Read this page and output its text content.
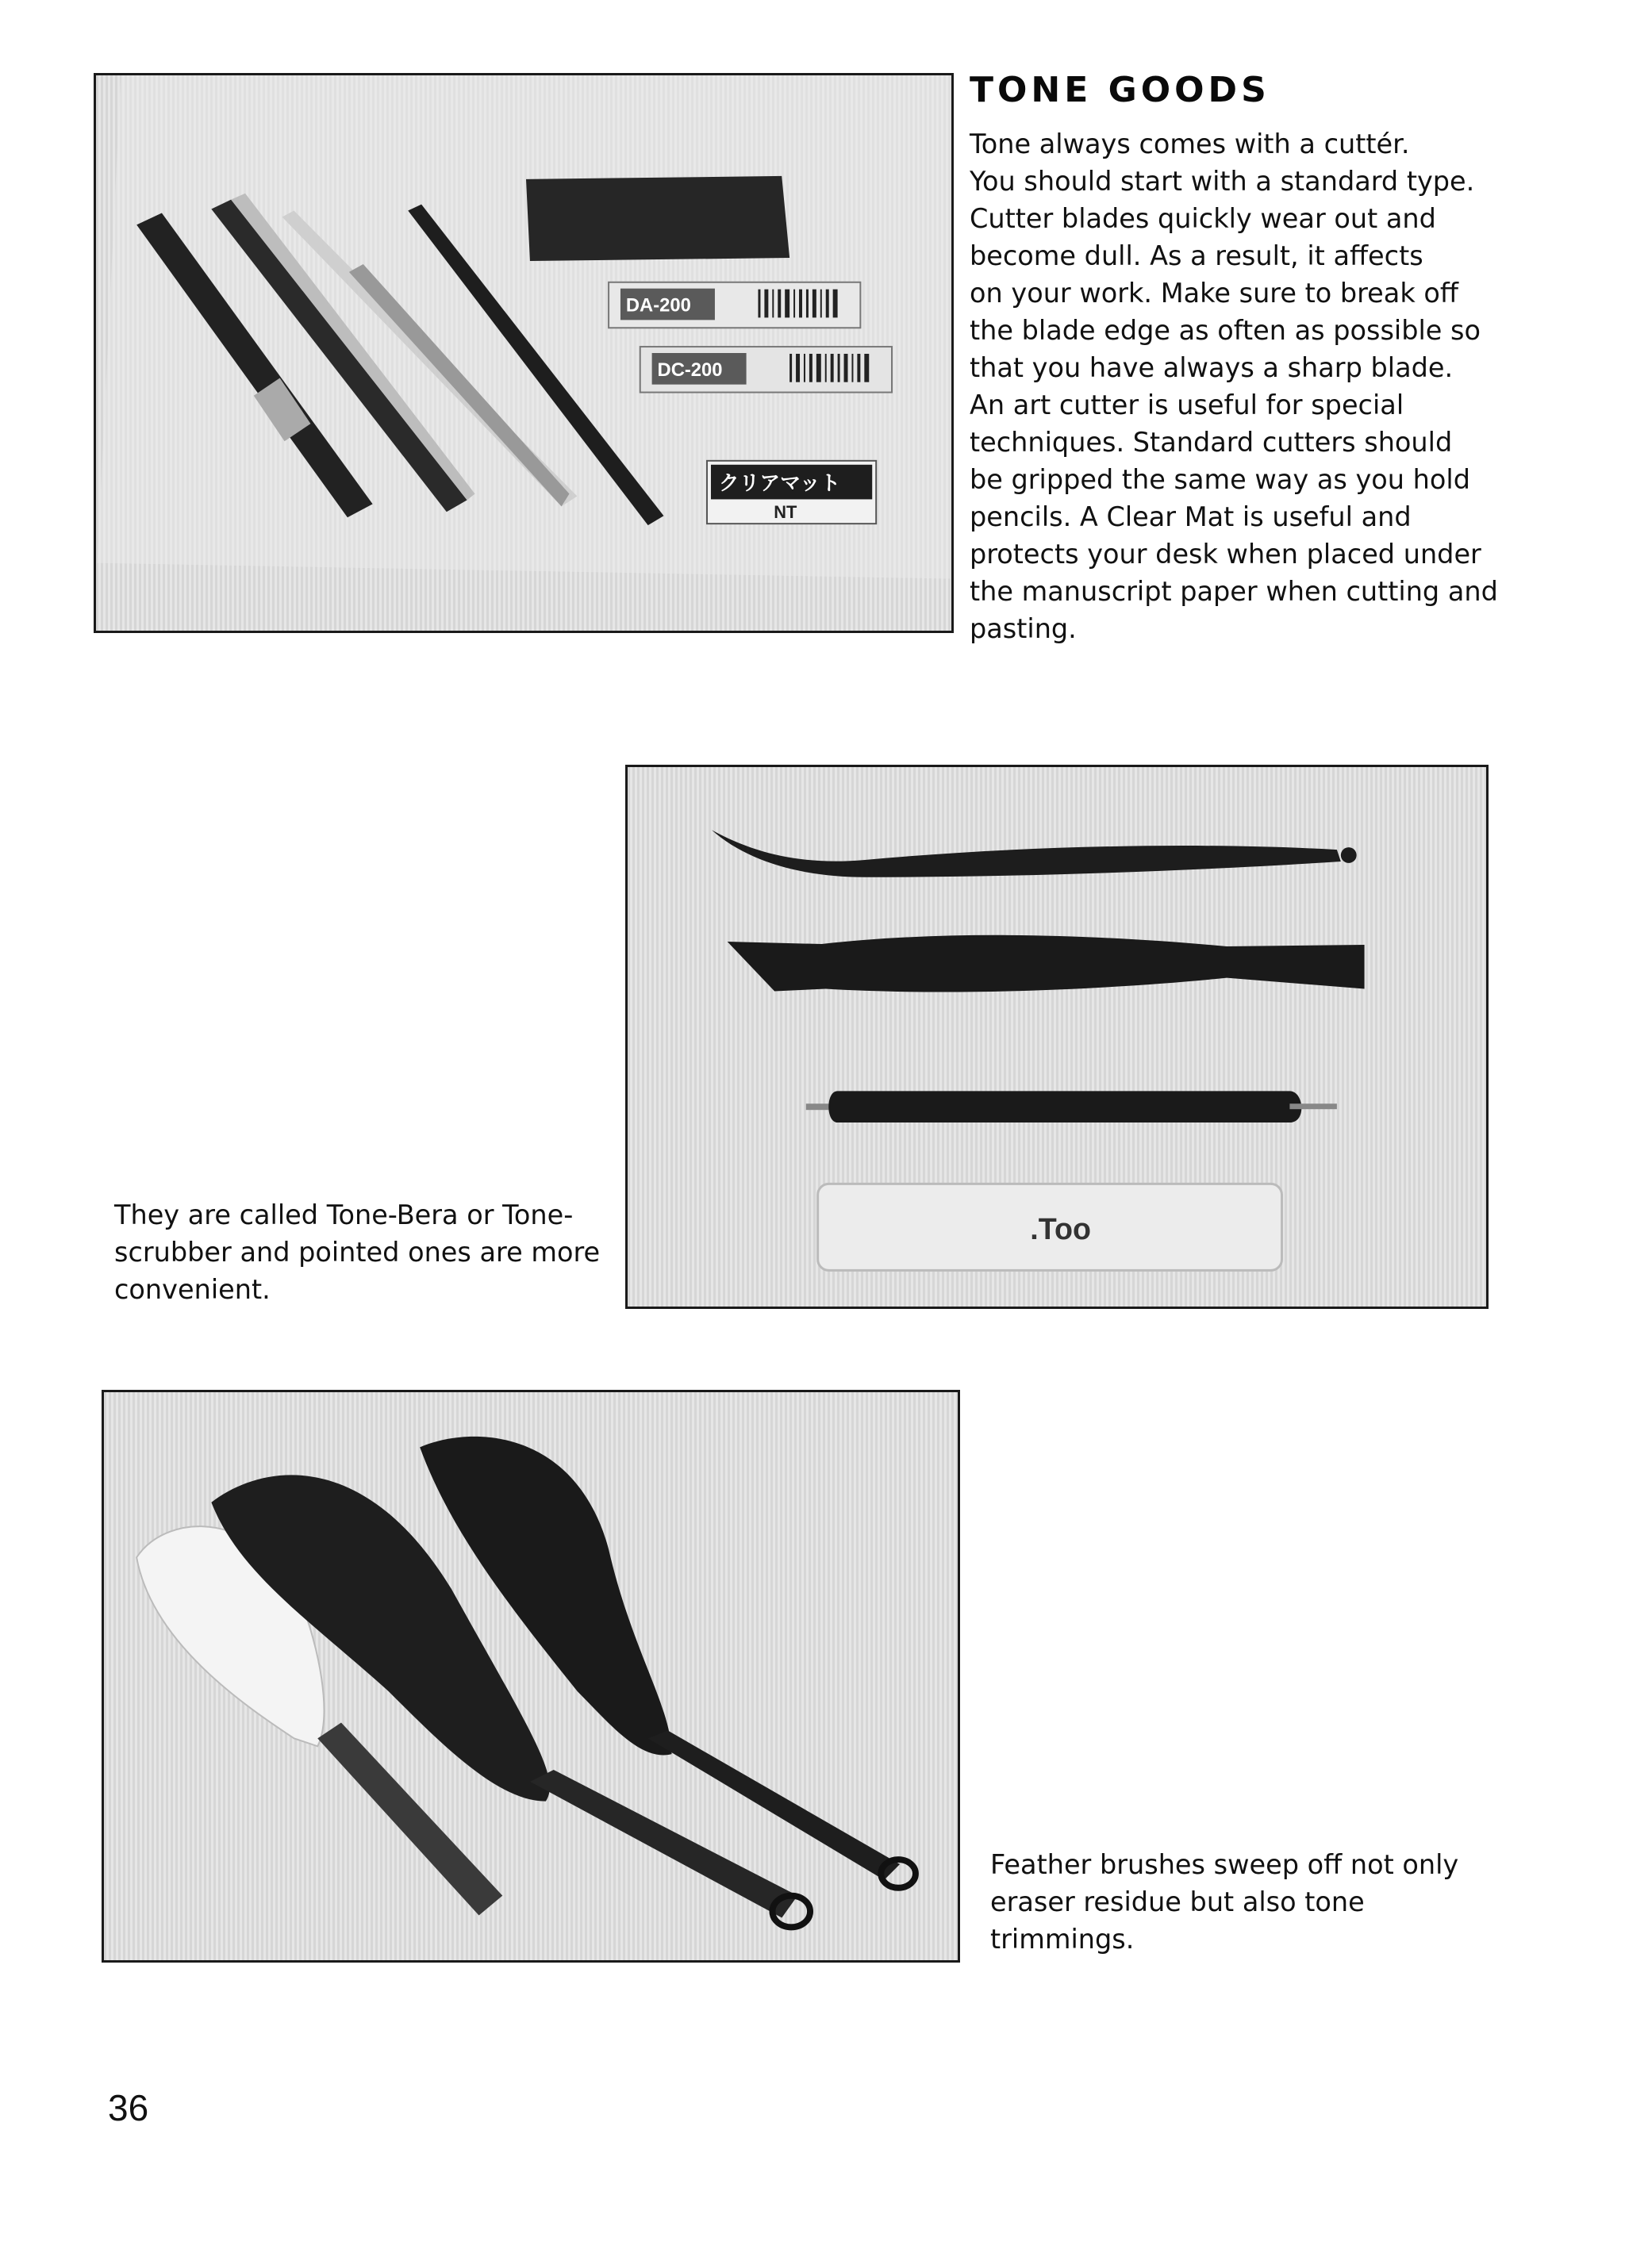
DA-200
DC-200
クリアマット
NT
TONE GOODS

Tone always comes with a cuttér.
You should start with a standard type.
Cutter blades quickly wear out and
become dull. As a result, it affects
on your work. Make sure to break off
the blade edge as often as possible so
that you have always a sharp blade.
An art cutter is useful for special
techniques. Standard cutters should
be gripped the same way as you hold
pencils. A Clear Mat is useful and
protects your desk when placed under
the manuscript paper when cutting and
pasting.

.Too

They are called Tone-Bera or Tone-
scrubber and pointed ones are more
convenient.

Feather brushes sweep off not only
eraser residue but also tone
trimmings.

36
